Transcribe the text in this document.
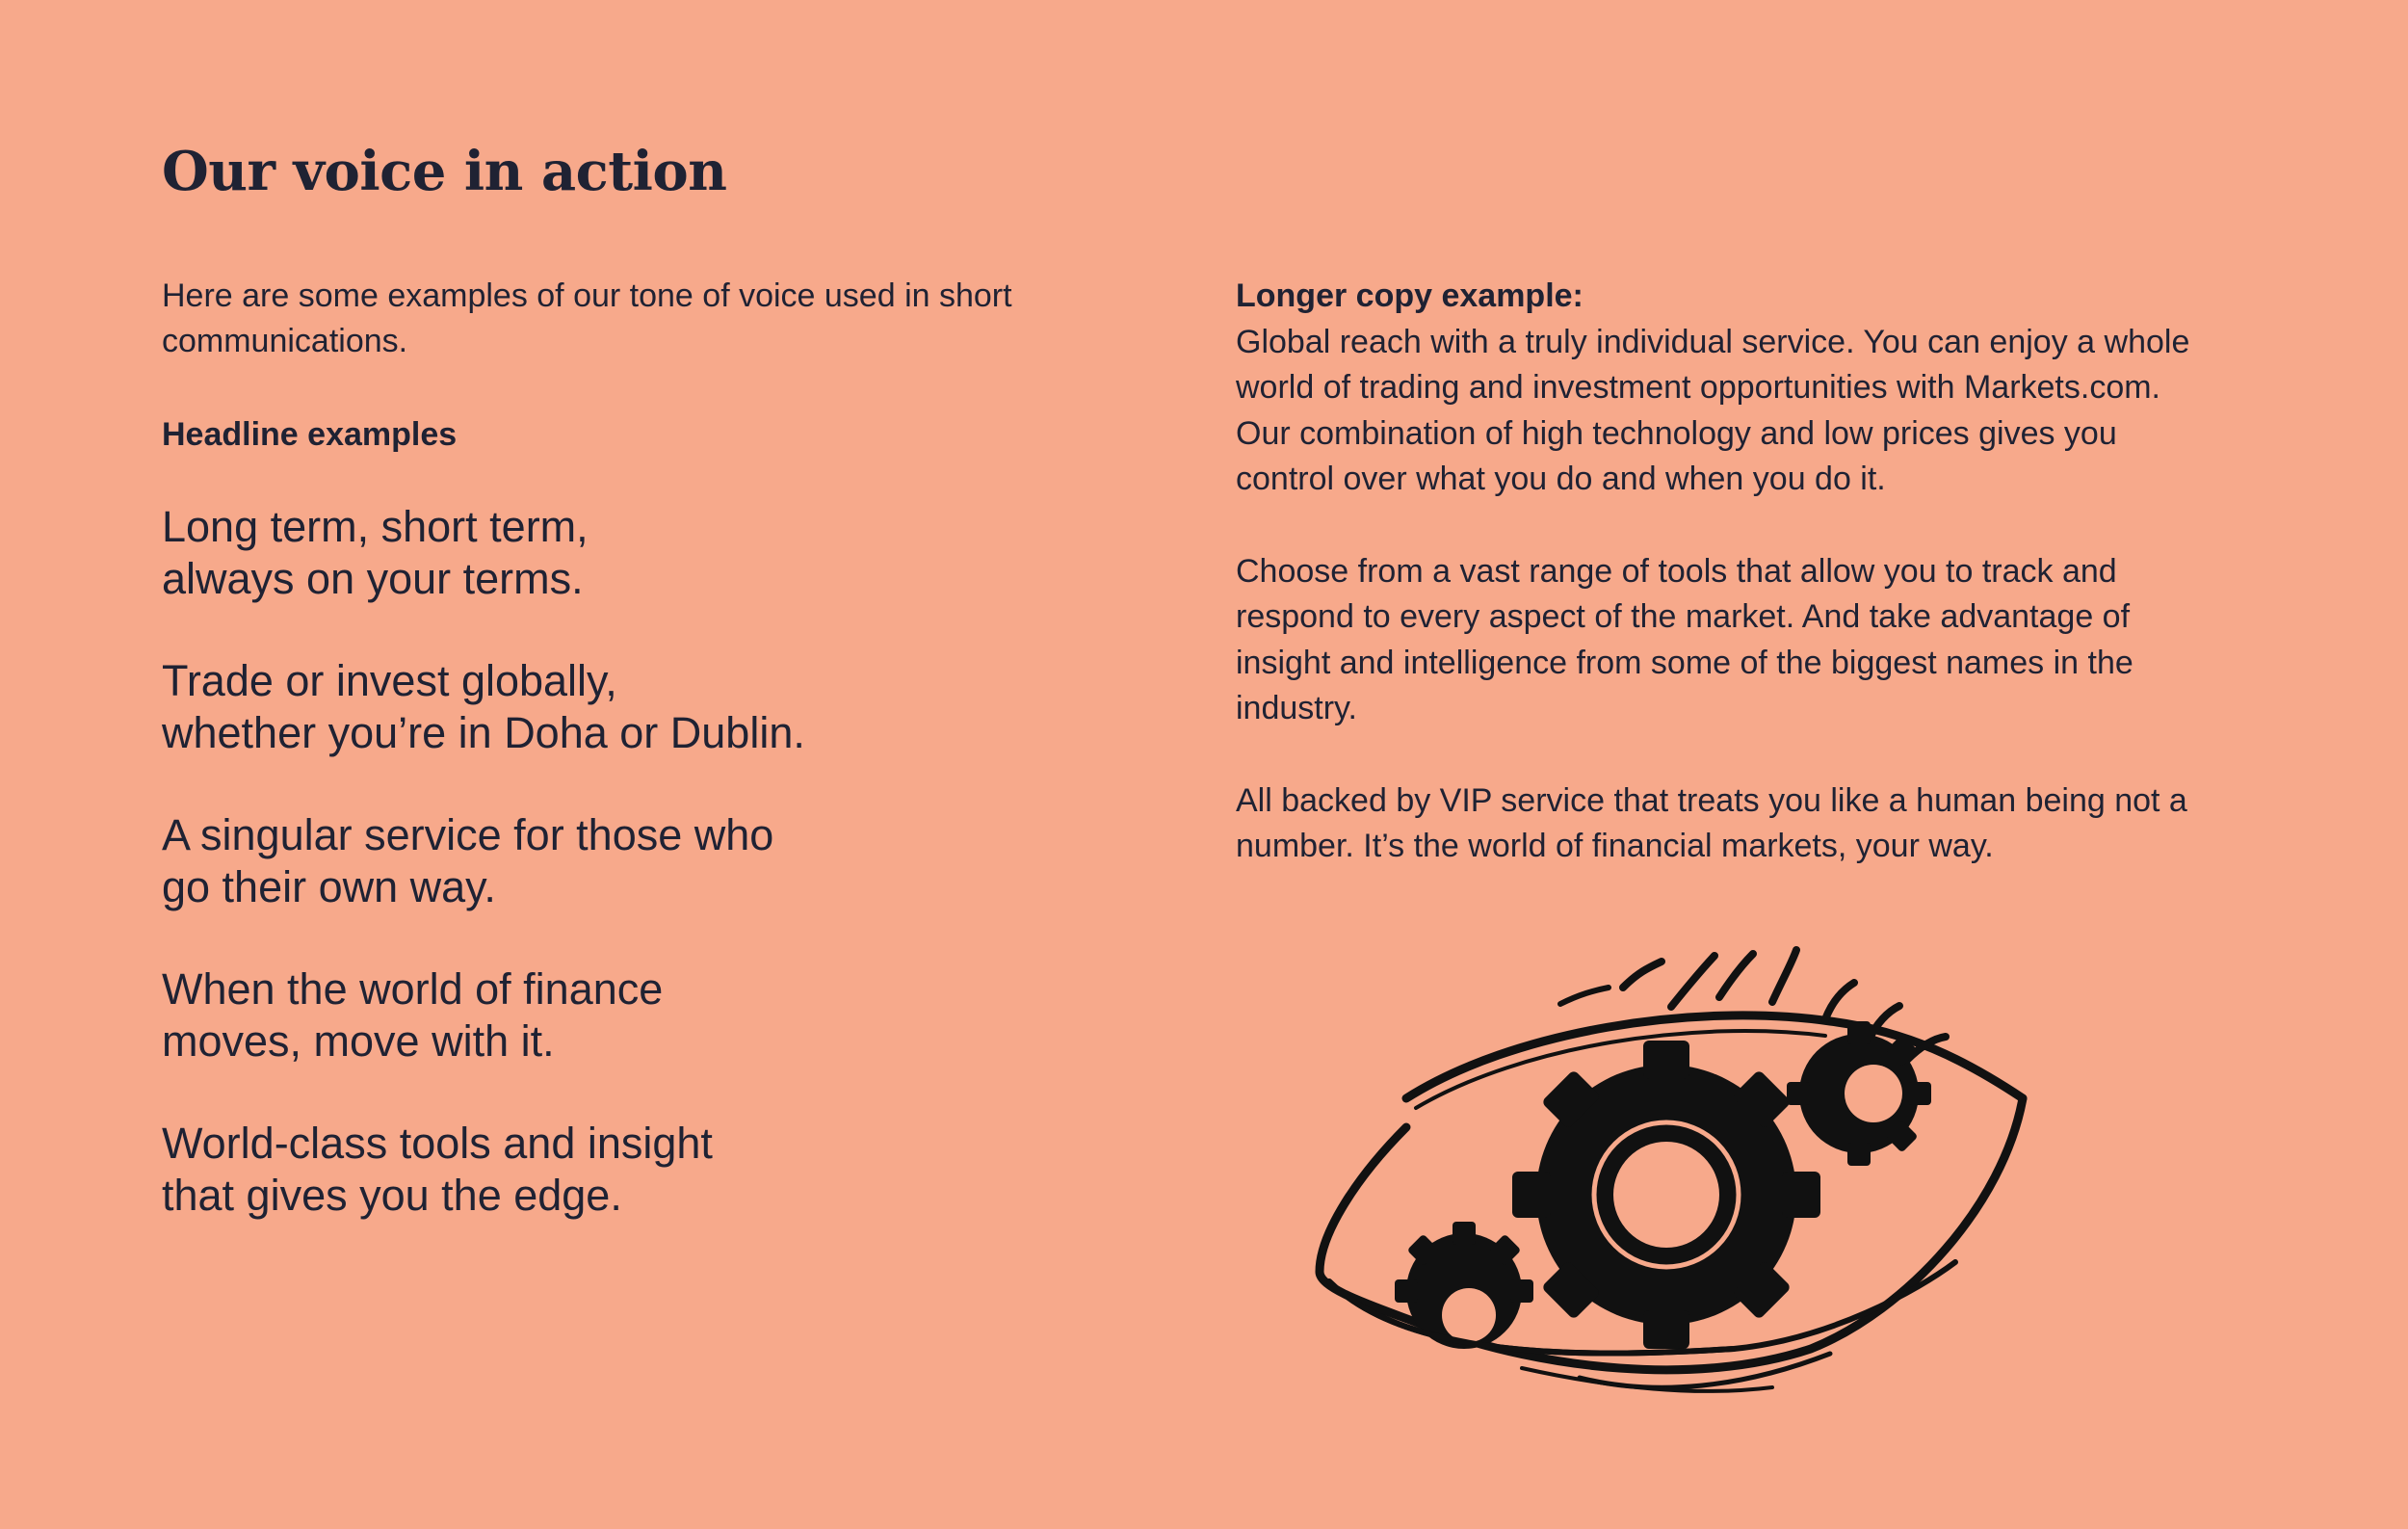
Our voice in action

Here are some examples of our tone of voice used in short communications.

Headline examples

Long term, short term,
always on your terms.

Trade or invest globally,
whether you’re in Doha or Dublin.

A singular service for those who
go their own way.

When the world of finance
moves, move with it.

World-class tools and insight
that gives you the edge.

Longer copy example:
Global reach with a truly individual service. You can enjoy a whole world of trading and investment opportunities with Markets.com. Our combination of high technology and low prices gives you control over what you do and when you do it.

Choose from a vast range of tools that allow you to track and respond to every aspect of the market. And take advantage of insight and intelligence from some of the biggest names in the industry.

All backed by VIP service that treats you like a human being not a number. It’s the world of financial markets, your way.
